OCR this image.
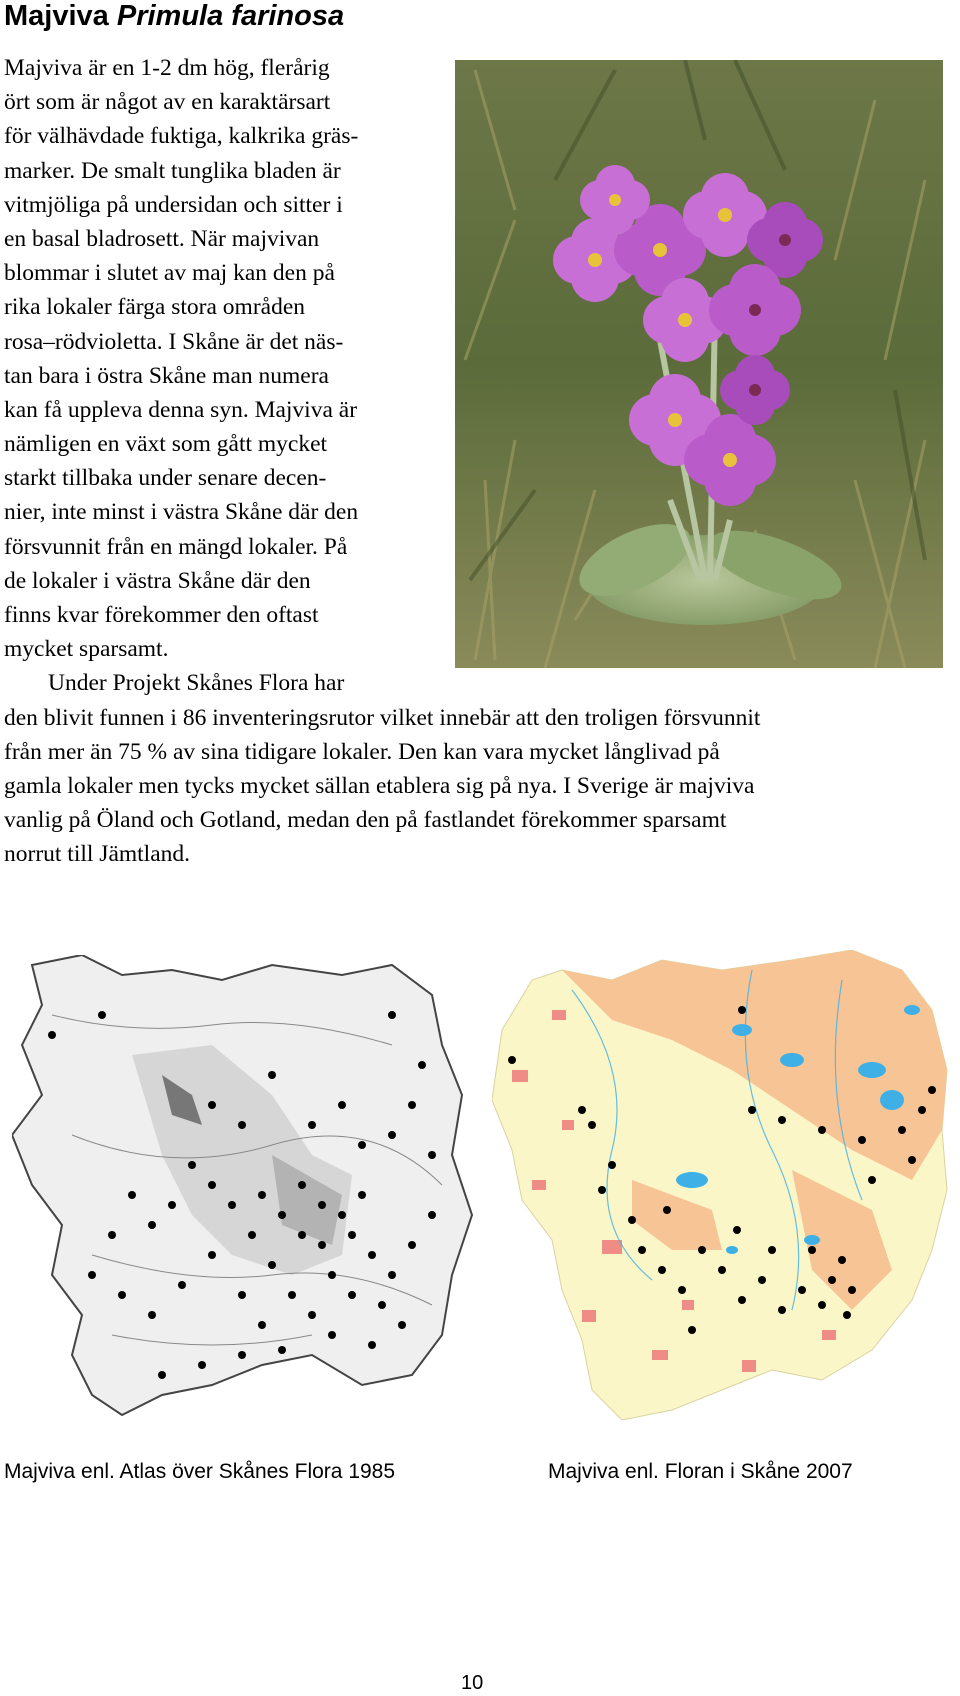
Majviva Primula farinosa
Majviva är en 1-2 dm hög, flerårig
ört som är något av en karaktärsart
för välhävdade fuktiga, kalkrika gräs-
marker. De smalt tunglika bladen är
vitmjöliga på undersidan och sitter i
en basal bladrosett. När majvivan
blommar i slutet av maj kan den på
rika lokaler färga stora områden
rosa–rödvioletta. I Skåne är det näs-
tan bara i östra Skåne man numera
kan få uppleva denna syn. Majviva är
nämligen en växt som gått mycket
starkt tillbaka under senare decen-
nier, inte minst i västra Skåne där den
försvunnit från en mängd lokaler. På
de lokaler i västra Skåne där den
finns kvar förekommer den oftast
mycket sparsamt.
Under Projekt Skånes Flora har
den blivit funnen i 86 inventeringsrutor vilket innebär att den troligen försvunnit
från mer än 75 % av sina tidigare lokaler. Den kan vara mycket långlivad på
gamla lokaler men tycks mycket sällan etablera sig på nya. I Sverige är majviva
vanlig på Öland och Gotland, medan den på fastlandet förekommer sparsamt
norrut till Jämtland.
Majviva enl. Atlas över Skånes Flora 1985	Majviva enl. Floran i Skåne 2007
10
